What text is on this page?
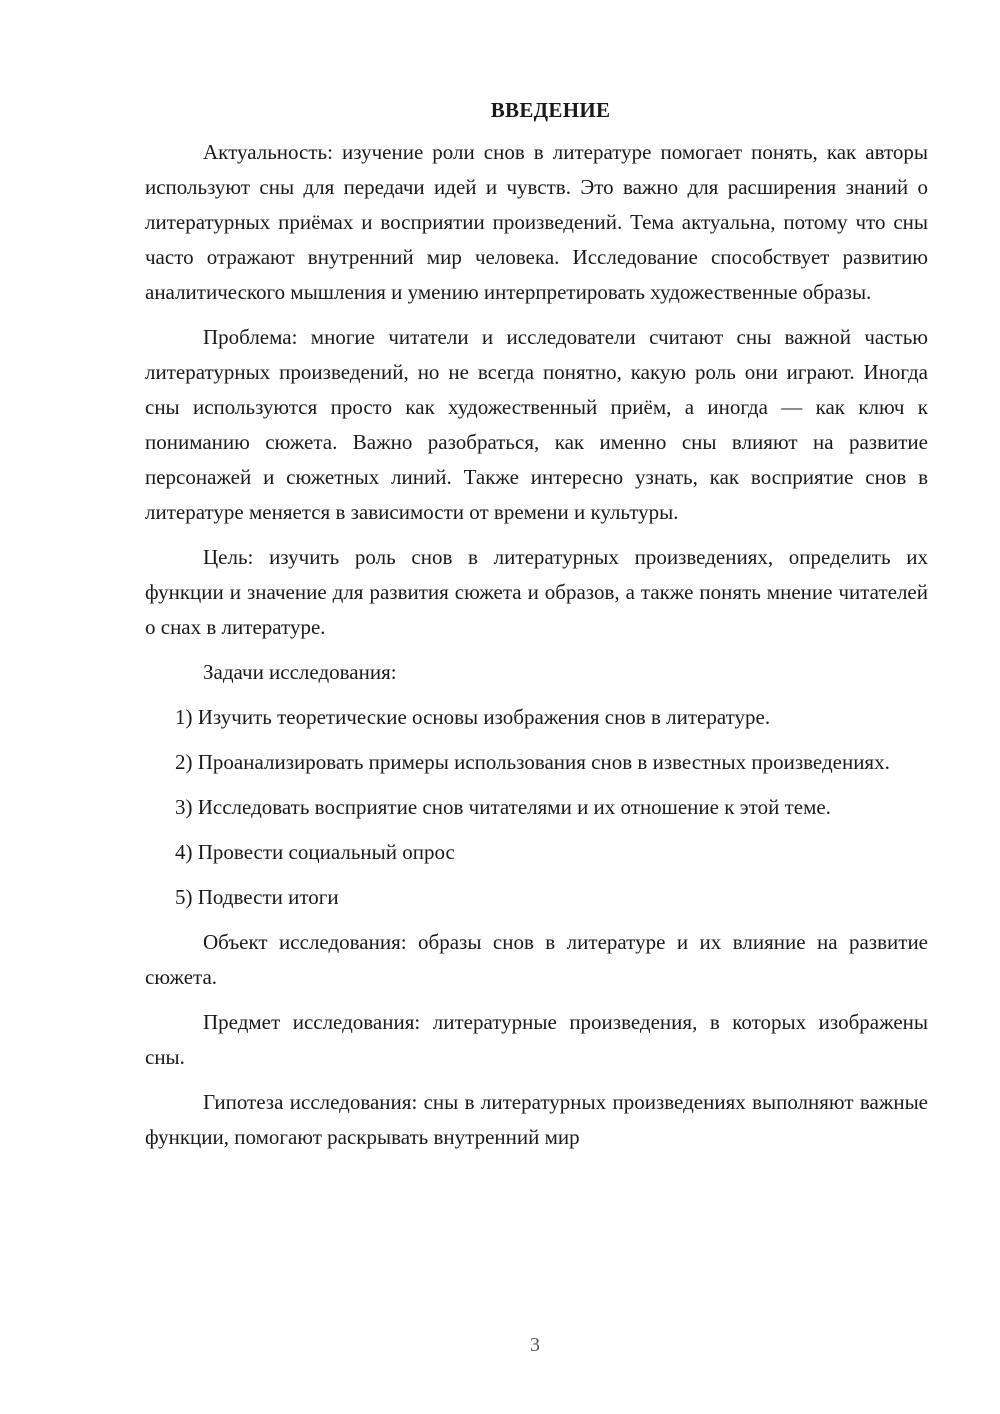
ВВЕДЕНИЕ

Актуальность: изучение роли снов в литературе помогает понять, как авторы используют сны для передачи идей и чувств. Это важно для расширения знаний о литературных приёмах и восприятии произведений. Тема актуальна, потому что сны часто отражают внутренний мир человека. Исследование способствует развитию аналитического мышления и умению интерпретировать художественные образы.

Проблема: многие читатели и исследователи считают сны важной частью литературных произведений, но не всегда понятно, какую роль они играют. Иногда сны используются просто как художественный приём, а иногда — как ключ к пониманию сюжета. Важно разобраться, как именно сны влияют на развитие персонажей и сюжетных линий. Также интересно узнать, как восприятие снов в литературе меняется в зависимости от времени и культуры.

Цель: изучить роль снов в литературных произведениях, определить их функции и значение для развития сюжета и образов, а также понять мнение читателей о снах в литературе.

Задачи исследования:

1) Изучить теоретические основы изображения снов в литературе.

2) Проанализировать примеры использования снов в известных произведениях.

3) Исследовать восприятие снов читателями и их отношение к этой теме.

4) Провести социальный опрос

5) Подвести итоги

Объект исследования: образы снов в литературе и их влияние на развитие сюжета.

Предмет исследования: литературные произведения, в которых изображены сны.

Гипотеза исследования: сны в литературных произведениях выполняют важные функции, помогают раскрывать внутренний мир

3
